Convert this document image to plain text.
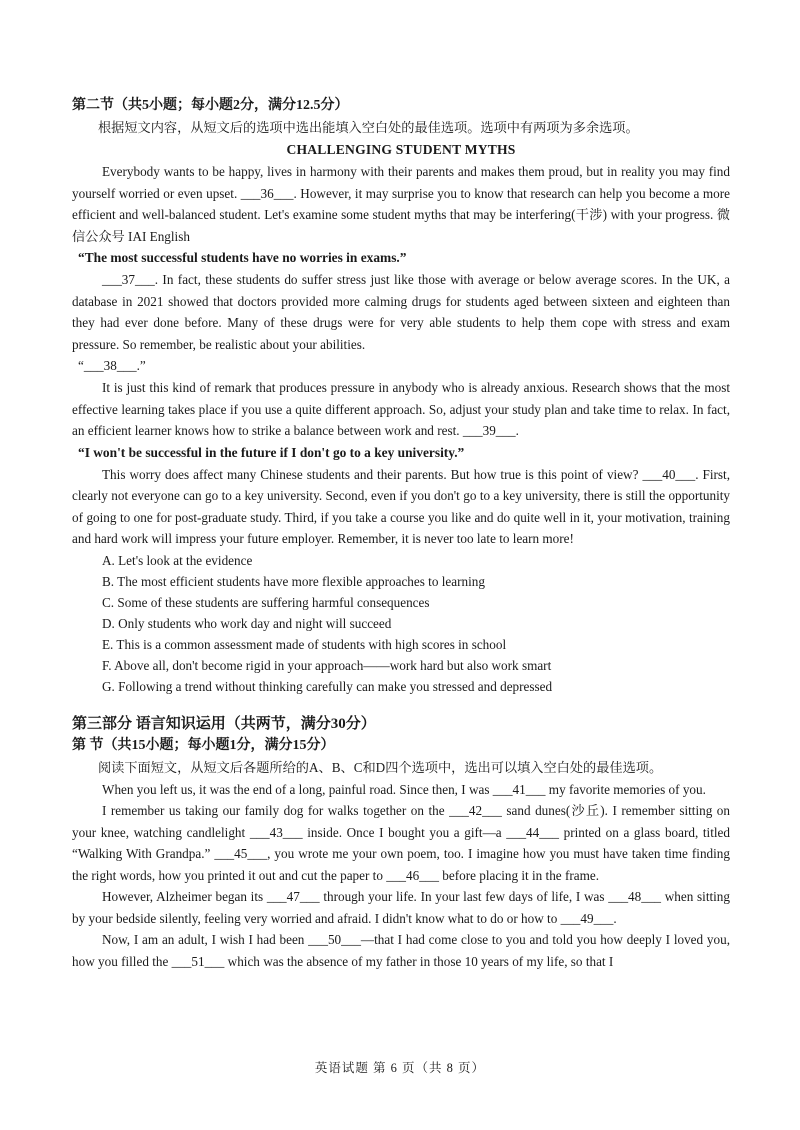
第二节（共5小题；每小题2分，满分12.5分）

根据短文内容，从短文后的选项中选出能填入空白处的最佳选项。选项中有两项为多余选项。

CHALLENGING STUDENT MYTHS

Everybody wants to be happy, lives in harmony with their parents and makes them proud, but in reality you may find yourself worried or even upset. ___36___. However, it may surprise you to know that research can help you become a more efficient and well-balanced student. Let's examine some student myths that may be interfering(干涉) with your progress. 微信公众号 IAI English

“The most successful students have no worries in exams.”

___37___. In fact, these students do suffer stress just like those with average or below average scores. In the UK, a database in 2021 showed that doctors provided more calming drugs for students aged between sixteen and eighteen than they had ever done before. Many of these drugs were for very able students to help them cope with stress and exam pressure. So remember, be realistic about your abilities.

“___38___.”

It is just this kind of remark that produces pressure in anybody who is already anxious. Research shows that the most effective learning takes place if you use a quite different approach. So, adjust your study plan and take time to relax. In fact, an efficient learner knows how to strike a balance between work and rest. ___39___.

“I won't be successful in the future if I don't go to a key university.”

This worry does affect many Chinese students and their parents. But how true is this point of view? ___40___. First, clearly not everyone can go to a key university. Second, even if you don't go to a key university, there is still the opportunity of going to one for post-graduate study. Third, if you take a course you like and do quite well in it, your motivation, training and hard work will impress your future employer. Remember, it is never too late to learn more!

A. Let's look at the evidence

B. The most efficient students have more flexible approaches to learning

C. Some of these students are suffering harmful consequences

D. Only students who work day and night will succeed

E. This is a common assessment made of students with high scores in school

F. Above all, don't become rigid in your approach——work hard but also work smart

G. Following a trend without thinking carefully can make you stressed and depressed

第三部分 语言知识运用（共两节，满分30分）

第 节（共15小题；每小题1分，满分15分）

阅读下面短文，从短文后各题所给的A、B、C和D四个选项中，选出可以填入空白处的最佳选项。

When you left us, it was the end of a long, painful road. Since then, I was ___41___ my favorite memories of you.

I remember us taking our family dog for walks together on the ___42___ sand dunes(沙丘). I remember sitting on your knee, watching candlelight ___43___ inside. Once I bought you a gift—a ___44___ printed on a glass board, titled “Walking With Grandpa.” ___45___, you wrote me your own poem, too. I imagine how you must have taken time finding the right words, how you printed it out and cut the paper to ___46___ before placing it in the frame.

However, Alzheimer began its ___47___ through your life. In your last few days of life, I was ___48___ when sitting by your bedside silently, feeling very worried and afraid. I didn't know what to do or how to ___49___.

Now, I am an adult, I wish I had been ___50___—that I had come close to you and told you how deeply I loved you, how you filled the ___51___ which was the absence of my father in those 10 years of my life, so that I

英语试题 第 6 页（共 8 页）
